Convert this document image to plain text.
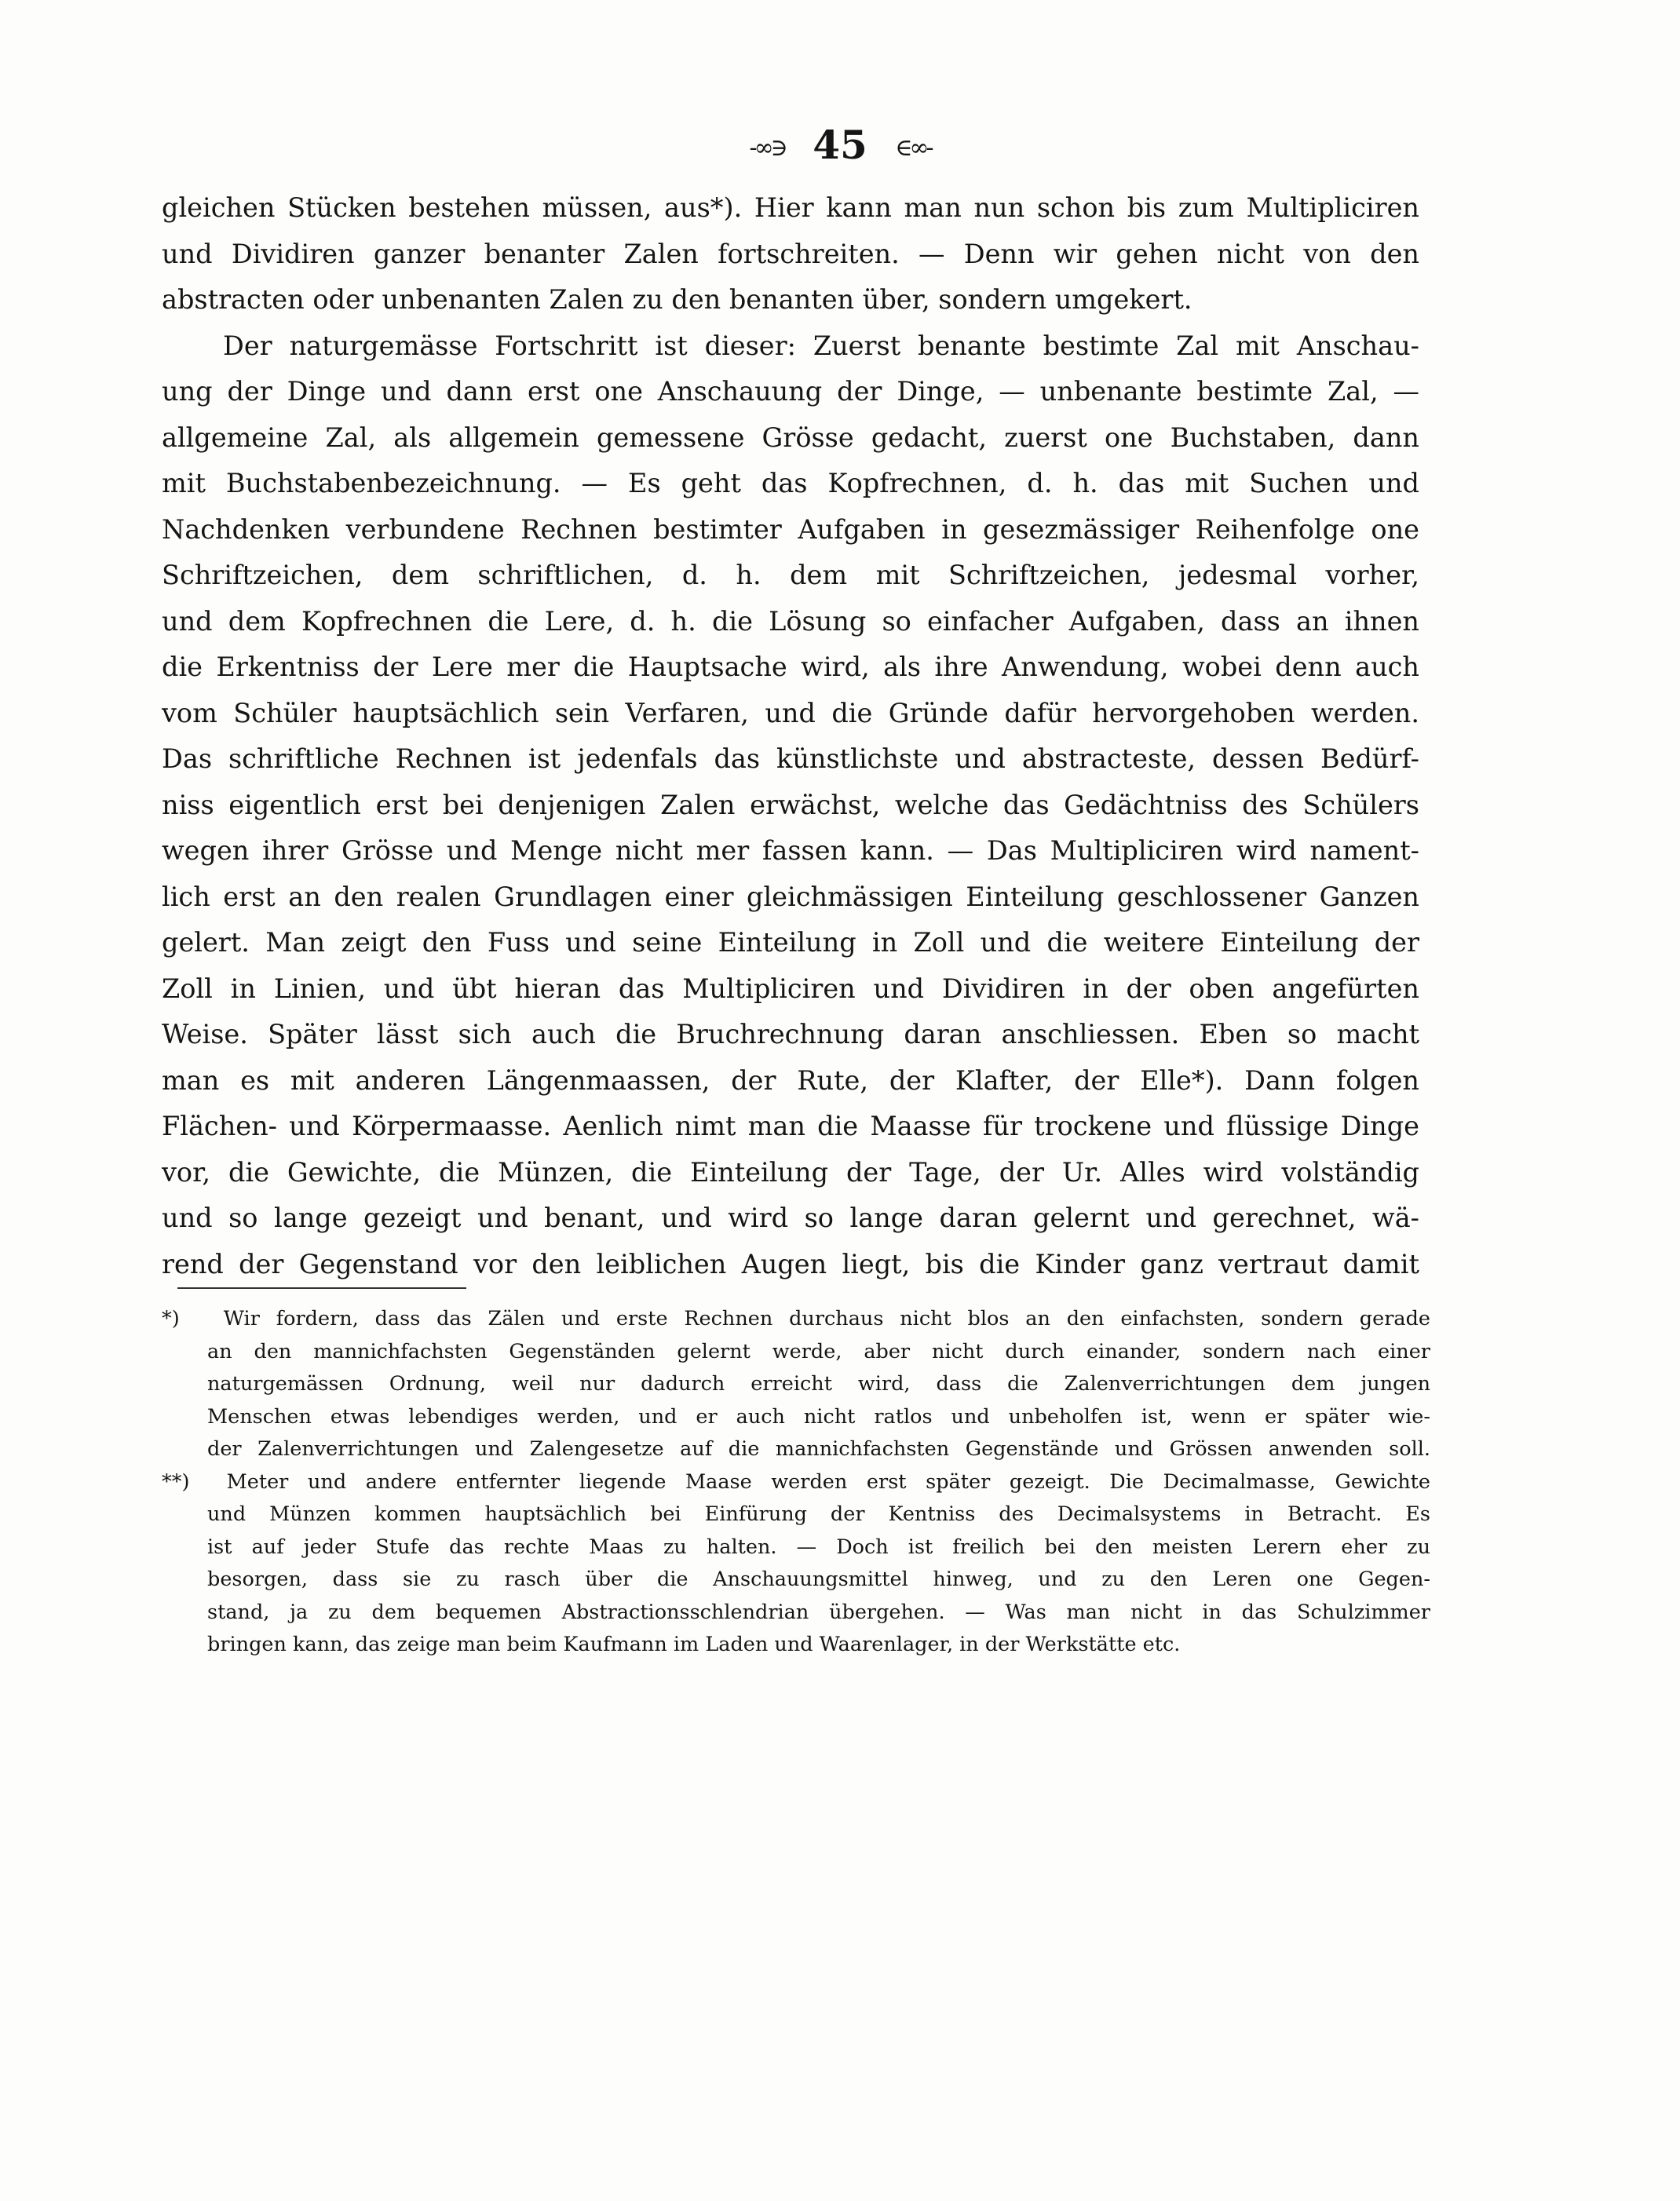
-∞∋ 45 ∈∞-
gleichen Stücken bestehen müssen, aus*). Hier kann man nun schon bis zum Multipliciren
und Dividiren ganzer benanter Zalen fortschreiten. — Denn wir gehen nicht von den
abstracten oder unbenanten Zalen zu den benanten über, sondern umgekert.
Der naturgemässe Fortschritt ist dieser: Zuerst benante bestimte Zal mit Anschau-
ung der Dinge und dann erst one Anschauung der Dinge, — unbenante bestimte Zal, —
allgemeine Zal, als allgemein gemessene Grösse gedacht, zuerst one Buchstaben, dann
mit Buchstabenbezeichnung. — Es geht das Kopfrechnen, d. h. das mit Suchen und
Nachdenken verbundene Rechnen bestimter Aufgaben in gesezmässiger Reihenfolge one
Schriftzeichen, dem schriftlichen, d. h. dem mit Schriftzeichen, jedesmal vorher,
und dem Kopfrechnen die Lere, d. h. die Lösung so einfacher Aufgaben, dass an ihnen
die Erkentniss der Lere mer die Hauptsache wird, als ihre Anwendung, wobei denn auch
vom Schüler hauptsächlich sein Verfaren, und die Gründe dafür hervorgehoben werden.
Das schriftliche Rechnen ist jedenfals das künstlichste und abstracteste, dessen Bedürf-
niss eigentlich erst bei denjenigen Zalen erwächst, welche das Gedächtniss des Schülers
wegen ihrer Grösse und Menge nicht mer fassen kann. — Das Multipliciren wird nament-
lich erst an den realen Grundlagen einer gleichmässigen Einteilung geschlossener Ganzen
gelert. Man zeigt den Fuss und seine Einteilung in Zoll und die weitere Einteilung der
Zoll in Linien, und übt hieran das Multipliciren und Dividiren in der oben angefürten
Weise. Später lässt sich auch die Bruchrechnung daran anschliessen. Eben so macht
man es mit anderen Längenmaassen, der Rute, der Klafter, der Elle*). Dann folgen
Flächen- und Körpermaasse. Aenlich nimt man die Maasse für trockene und flüssige Dinge
vor, die Gewichte, die Münzen, die Einteilung der Tage, der Ur. Alles wird volständig
und so lange gezeigt und benant, und wird so lange daran gelernt und gerechnet, wä-
rend der Gegenstand vor den leiblichen Augen liegt, bis die Kinder ganz vertraut damit
*) Wir fordern, dass das Zälen und erste Rechnen durchaus nicht blos an den einfachsten, sondern gerade
an den mannichfachsten Gegenständen gelernt werde, aber nicht durch einander, sondern nach einer
naturgemässen Ordnung, weil nur dadurch erreicht wird, dass die Zalenverrichtungen dem jungen
Menschen etwas lebendiges werden, und er auch nicht ratlos und unbeholfen ist, wenn er später wie-
der Zalenverrichtungen und Zalengesetze auf die mannichfachsten Gegenstände und Grössen anwenden soll.
**) Meter und andere entfernter liegende Maase werden erst später gezeigt. Die Decimalmasse, Gewichte
und Münzen kommen hauptsächlich bei Einfürung der Kentniss des Decimalsystems in Betracht. Es
ist auf jeder Stufe das rechte Maas zu halten. — Doch ist freilich bei den meisten Lerern eher zu
besorgen, dass sie zu rasch über die Anschauungsmittel hinweg, und zu den Leren one Gegen-
stand, ja zu dem bequemen Abstractionsschlendrian übergehen. — Was man nicht in das Schulzimmer
bringen kann, das zeige man beim Kaufmann im Laden und Waarenlager, in der Werkstätte etc.
